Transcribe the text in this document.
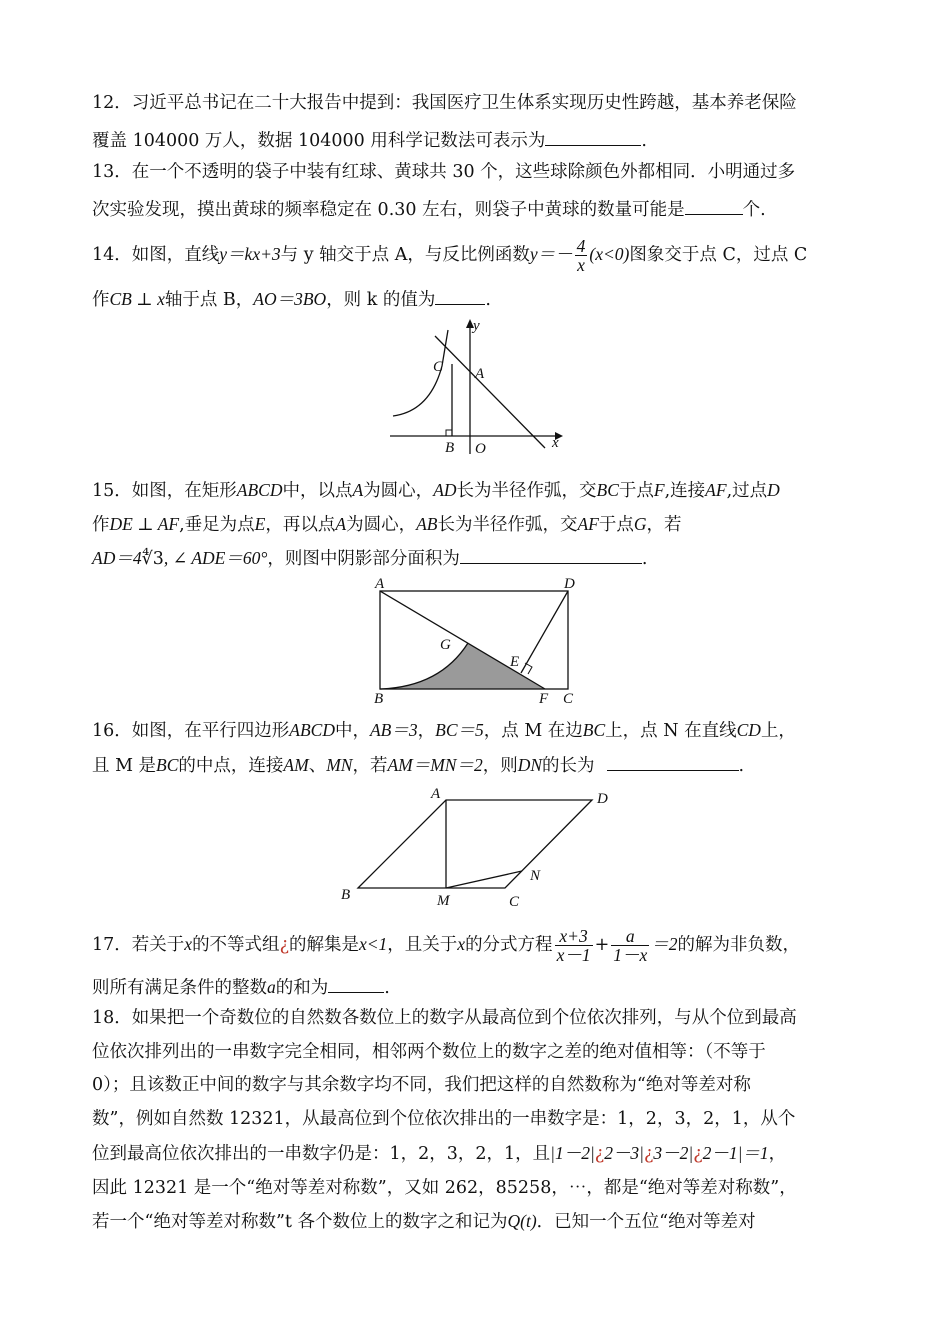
12．习近平总书记在二十大报告中提到：我国医疗卫生体系实现历史性跨越，基本养老保险
覆盖 104000 万人，数据 104000 用科学记数法可表示为	.
13．在一个不透明的袋子中装有红球、黄球共 30 个，这些球除颜色外都相同．小明通过多
次实验发现，摸出黄球的频率稳定在 0.30 左右，则袋子中黄球的数量可能是	个.
14．如图，直线y＝kx+3与 y 轴交于点 A，与反比例函数$y=- \frac{4}{x} (x<0)$图象交于点 C，过点 C
作CB ⊥ x轴于点 B，AO＝3BO，则 k 的值为	.
y
x
C A
B O
15．如图，在矩形ABCD中，以点A为圆心，AD长为半径作弧，交BC于点F,连接AF,过点D
作DE ⊥ AF,垂足为点E，再以点A为圆心，AB长为半径作弧，交AF于点G，若
AD＝4∜3, ∠ ADE＝60°，则图中阴影部分面积为	.
A	D
G
E
B	F C
16．如图，在平行四边形ABCD中，AB＝3，BC＝5，点 M 在边BC上，点 N 在直线CD上，
且 M 是BC的中点，连接AM、MN，若AM＝MN＝2，则DN的长为	.
A	D
B	M	C
N
17．若关于x的不等式组¿的解集是x<1，且关于x的分式方程 $\frac{x+3}{x-1} + \frac{a}{1-x} =2$的解为非负数，
则所有满足条件的整数a的和为	.
18．如果把一个奇数位的自然数各数位上的数字从最高位到个位依次排列，与从个位到最高
位依次排列出的一串数字完全相同，相邻两个数位上的数字之差的绝对值相等：（不等于
0）；且该数正中间的数字与其余数字均不同，我们把这样的自然数称为“绝对等差对称
数”，例如自然数 12321，从最高位到个位依次排出的一串数字是：1，2，3，2，1，从个
位到最高位依次排出的一串数字仍是：1，2，3，2，1，且|1－2|¿2－3|¿3－2|¿2－1|＝1，
因此 12321 是一个“绝对等差对称数”，又如 262，85258，⋯，都是“绝对等差对称数”，
若一个“绝对等差对称数”t 各个数位上的数字之和记为Q(t)．已知一个五位“绝对等差对
